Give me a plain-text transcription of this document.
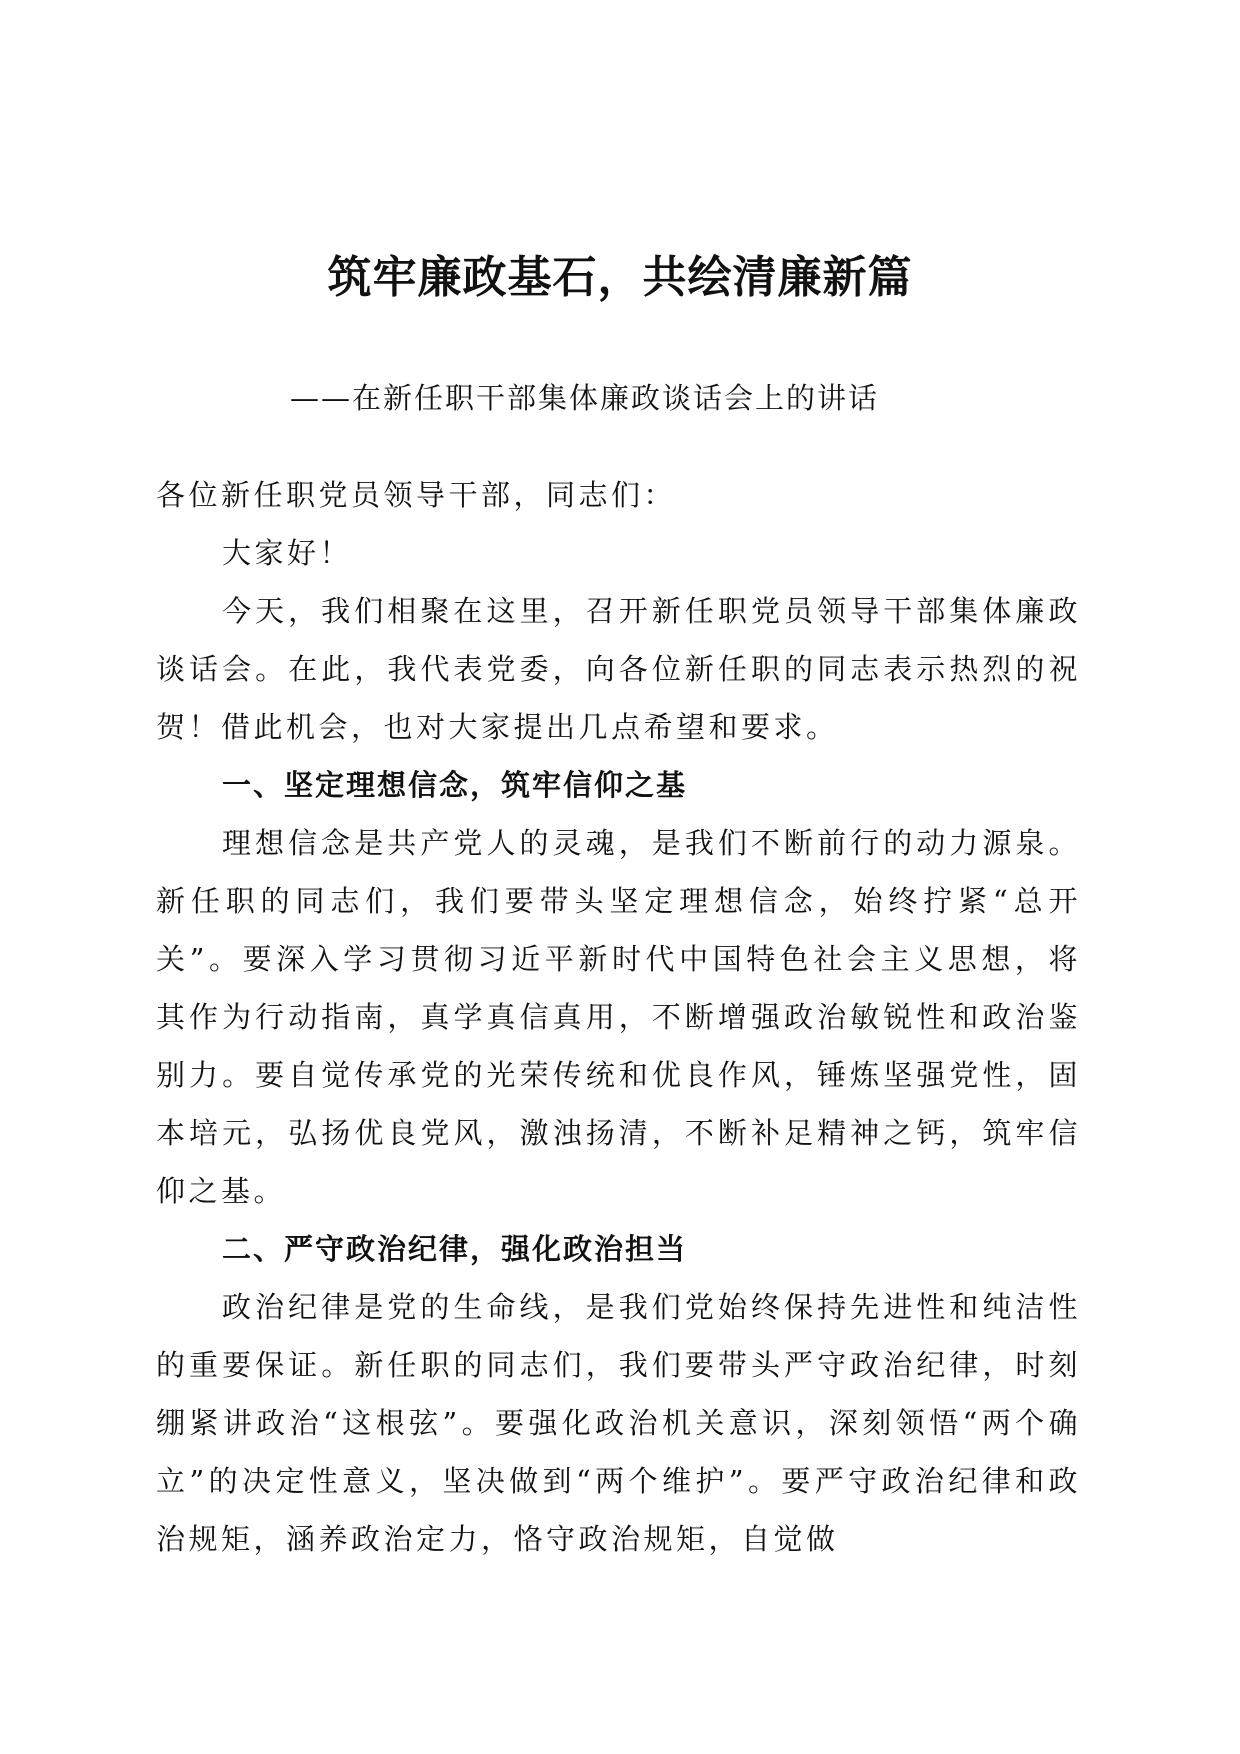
筑牢廉政基石，共绘清廉新篇
——在新任职干部集体廉政谈话会上的讲话

各位新任职党员领导干部，同志们：

大家好！

今天，我们相聚在这里，召开新任职党员领导干部集体廉政谈话会。在此，我代表党委，向各位新任职的同志表示热烈的祝贺！借此机会，也对大家提出几点希望和要求。

一、坚定理想信念，筑牢信仰之基

理想信念是共产党人的灵魂，是我们不断前行的动力源泉。新任职的同志们，我们要带头坚定理想信念，始终拧紧“总开关”。要深入学习贯彻习近平新时代中国特色社会主义思想，将其作为行动指南，真学真信真用，不断增强政治敏锐性和政治鉴别力。要自觉传承党的光荣传统和优良作风，锤炼坚强党性，固本培元，弘扬优良党风，激浊扬清，不断补足精神之钙，筑牢信仰之基。

二、严守政治纪律，强化政治担当

政治纪律是党的生命线，是我们党始终保持先进性和纯洁性的重要保证。新任职的同志们，我们要带头严守政治纪律，时刻绷紧讲政治“这根弦”。要强化政治机关意识，深刻领悟“两个确立”的决定性意义，坚决做到“两个维护”。要严守政治纪律和政治规矩，涵养政治定力，恪守政治规矩，自觉做
